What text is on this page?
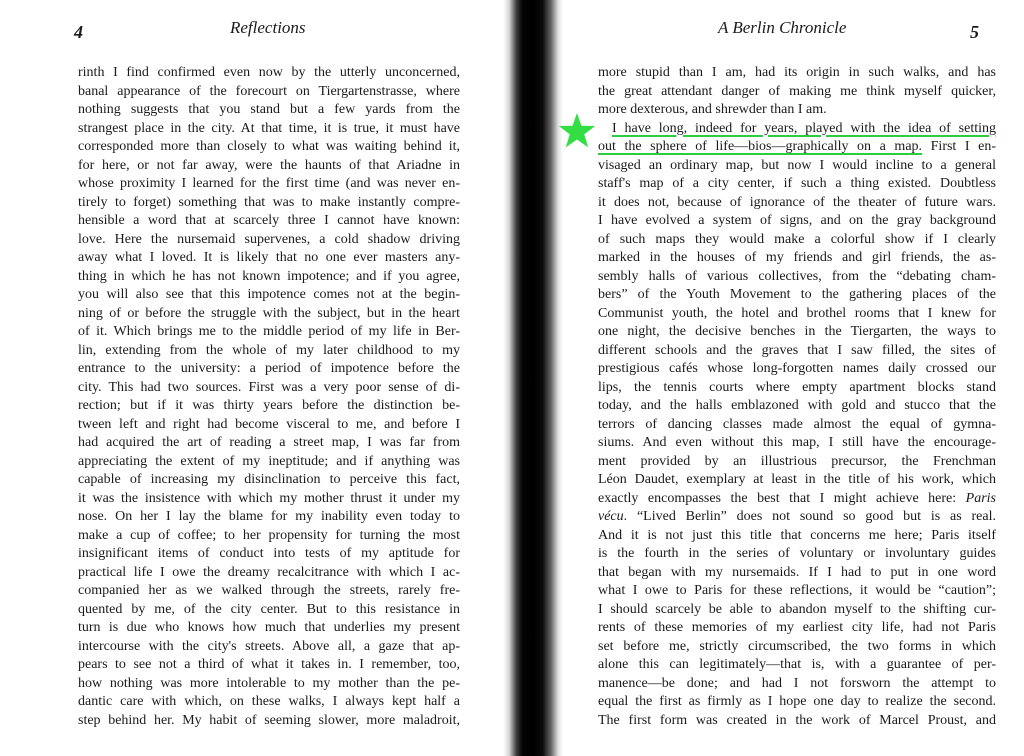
4	Reflections
rinth I find confirmed even now by the utterly unconcerned,
banal appearance of the forecourt on Tiergartenstrasse, where
nothing suggests that you stand but a few yards from the
strangest place in the city. At that time, it is true, it must have
corresponded more than closely to what was waiting behind it,
for here, or not far away, were the haunts of that Ariadne in
whose proximity I learned for the first time (and was never en-
tirely to forget) something that was to make instantly compre-
hensible a word that at scarcely three I cannot have known:
love. Here the nursemaid supervenes, a cold shadow driving
away what I loved. It is likely that no one ever masters any-
thing in which he has not known impotence; and if you agree,
you will also see that this impotence comes not at the begin-
ning of or before the struggle with the subject, but in the heart
of it. Which brings me to the middle period of my life in Ber-
lin, extending from the whole of my later childhood to my
entrance to the university: a period of impotence before the
city. This had two sources. First was a very poor sense of di-
rection; but if it was thirty years before the distinction be-
tween left and right had become visceral to me, and before I
had acquired the art of reading a street map, I was far from
appreciating the extent of my ineptitude; and if anything was
capable of increasing my disinclination to perceive this fact,
it was the insistence with which my mother thrust it under my
nose. On her I lay the blame for my inability even today to
make a cup of coffee; to her propensity for turning the most
insignificant items of conduct into tests of my aptitude for
practical life I owe the dreamy recalcitrance with which I ac-
companied her as we walked through the streets, rarely fre-
quented by me, of the city center. But to this resistance in
turn is due who knows how much that underlies my present
intercourse with the city's streets. Above all, a gaze that ap-
pears to see not a third of what it takes in. I remember, too,
how nothing was more intolerable to my mother than the pe-
dantic care with which, on these walks, I always kept half a
step behind her. My habit of seeming slower, more maladroit,
A Berlin Chronicle	5
more stupid than I am, had its origin in such walks, and has
the great attendant danger of making me think myself quicker,
more dexterous, and shrewder than I am.
I have long, indeed for years, played with the idea of setting
out the sphere of life—bios—graphically on a map. First I en-
visaged an ordinary map, but now I would incline to a general
staff's map of a city center, if such a thing existed. Doubtless
it does not, because of ignorance of the theater of future wars.
I have evolved a system of signs, and on the gray background
of such maps they would make a colorful show if I clearly
marked in the houses of my friends and girl friends, the as-
sembly halls of various collectives, from the “debating cham-
bers” of the Youth Movement to the gathering places of the
Communist youth, the hotel and brothel rooms that I knew for
one night, the decisive benches in the Tiergarten, the ways to
different schools and the graves that I saw filled, the sites of
prestigious cafés whose long-forgotten names daily crossed our
lips, the tennis courts where empty apartment blocks stand
today, and the halls emblazoned with gold and stucco that the
terrors of dancing classes made almost the equal of gymna-
siums. And even without this map, I still have the encourage-
ment provided by an illustrious precursor, the Frenchman
Léon Daudet, exemplary at least in the title of his work, which
exactly encompasses the best that I might achieve here: Paris
vécu. “Lived Berlin” does not sound so good but is as real.
And it is not just this title that concerns me here; Paris itself
is the fourth in the series of voluntary or involuntary guides
that began with my nursemaids. If I had to put in one word
what I owe to Paris for these reflections, it would be “caution”;
I should scarcely be able to abandon myself to the shifting cur-
rents of these memories of my earliest city life, had not Paris
set before me, strictly circumscribed, the two forms in which
alone this can legitimately—that is, with a guarantee of per-
manence—be done; and had I not forsworn the attempt to
equal the first as firmly as I hope one day to realize the second.
The first form was created in the work of Marcel Proust, and
